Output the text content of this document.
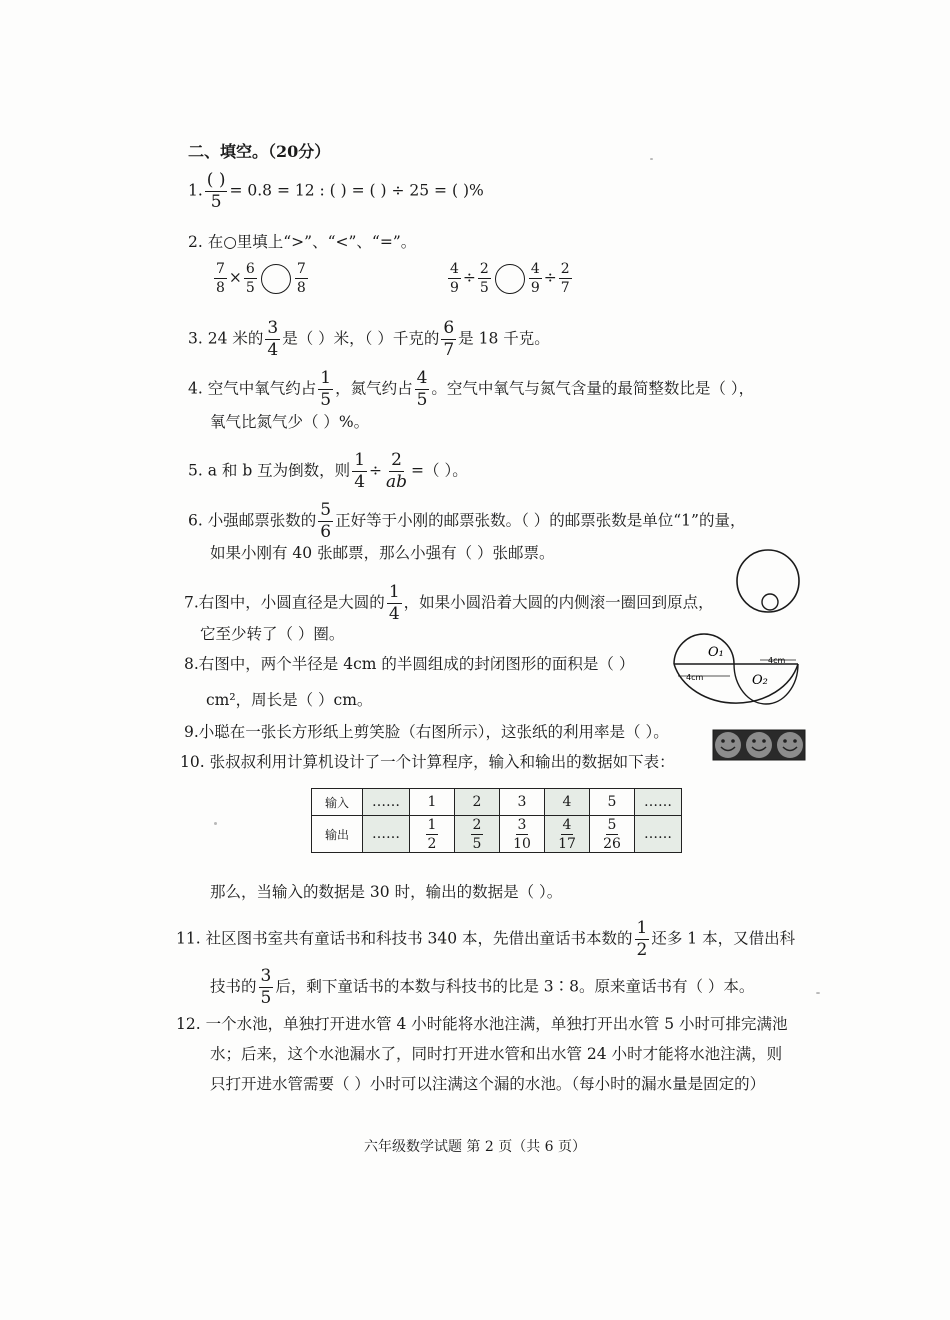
二、填空。（20分）
1. $\frac{( )}{5} = 0.8 = 12$ : ( ) = ( ) ÷ 25 = ( )%
2. 在○里填上“>”、“<”、“=”。
$\frac{7}{8} \times \frac{6}{5}$	$\frac{7}{8}$	$\frac{4}{9} \div \frac{2}{5}$	$\frac{4}{9} \div \frac{2}{7}$
3. 24 米的 $\frac{3}{4}$ 是（ ）米，（ ）千克的 $\frac{6}{7}$ 是 18 千克。
4. 空气中氧气约占 $\frac{1}{5}$ ，氮气约占 $\frac{4}{5}$ 。空气中氧气与氮气含量的最简整数比是（ ），
氧气比氮气少（ ）%。
5. a 和 b 互为倒数，则 $\frac{1}{4} \div \frac{2}{ab}$ =（ ）。
6. 小强邮票张数的 $\frac{5}{6}$ 正好等于小刚的邮票张数。（ ）的邮票张数是单位“1”的量，
如果小刚有 40 张邮票，那么小强有（ ）张邮票。
7.右图中，小圆直径是大圆的 $\frac{1}{4}$ ，如果小圆沿着大圆的内侧滚一圈回到原点，
它至少转了（ ）圈。
8.右图中，两个半径是 4cm 的半圆组成的封闭图形的面积是（ ）
cm²，周长是（ ）cm。
O₁
O₂
4cm
4cm
9.小聪在一张长方形纸上剪笑脸（右图所示），这张纸的利用率是（ ）。
10. 张叔叔利用计算机设计了一个计算程序，输入和输出的数据如下表：
输入	……	1	2	3	4	5	……
输出	……	$\frac{1}{2}$	$\frac{2}{5}$	$\frac{3}{10}$	$\frac{4}{17}$	$\frac{5}{26}$	……
那么，当输入的数据是 30 时，输出的数据是（ ）。
11. 社区图书室共有童话书和科技书 340 本，先借出童话书本数的 $\frac{1}{2}$ 还多 1 本，又借出科
技书的 $\frac{3}{5}$ 后，剩下童话书的本数与科技书的比是 3∶8。原来童话书有（ ）本。
12. 一个水池，单独打开进水管 4 小时能将水池注满，单独打开出水管 5 小时可排完满池
水；后来，这个水池漏水了，同时打开进水管和出水管 24 小时才能将水池注满，则
只打开进水管需要（ ）小时可以注满这个漏的水池。（每小时的漏水量是固定的）
六年级数学试题 第 2 页（共 6 页）
